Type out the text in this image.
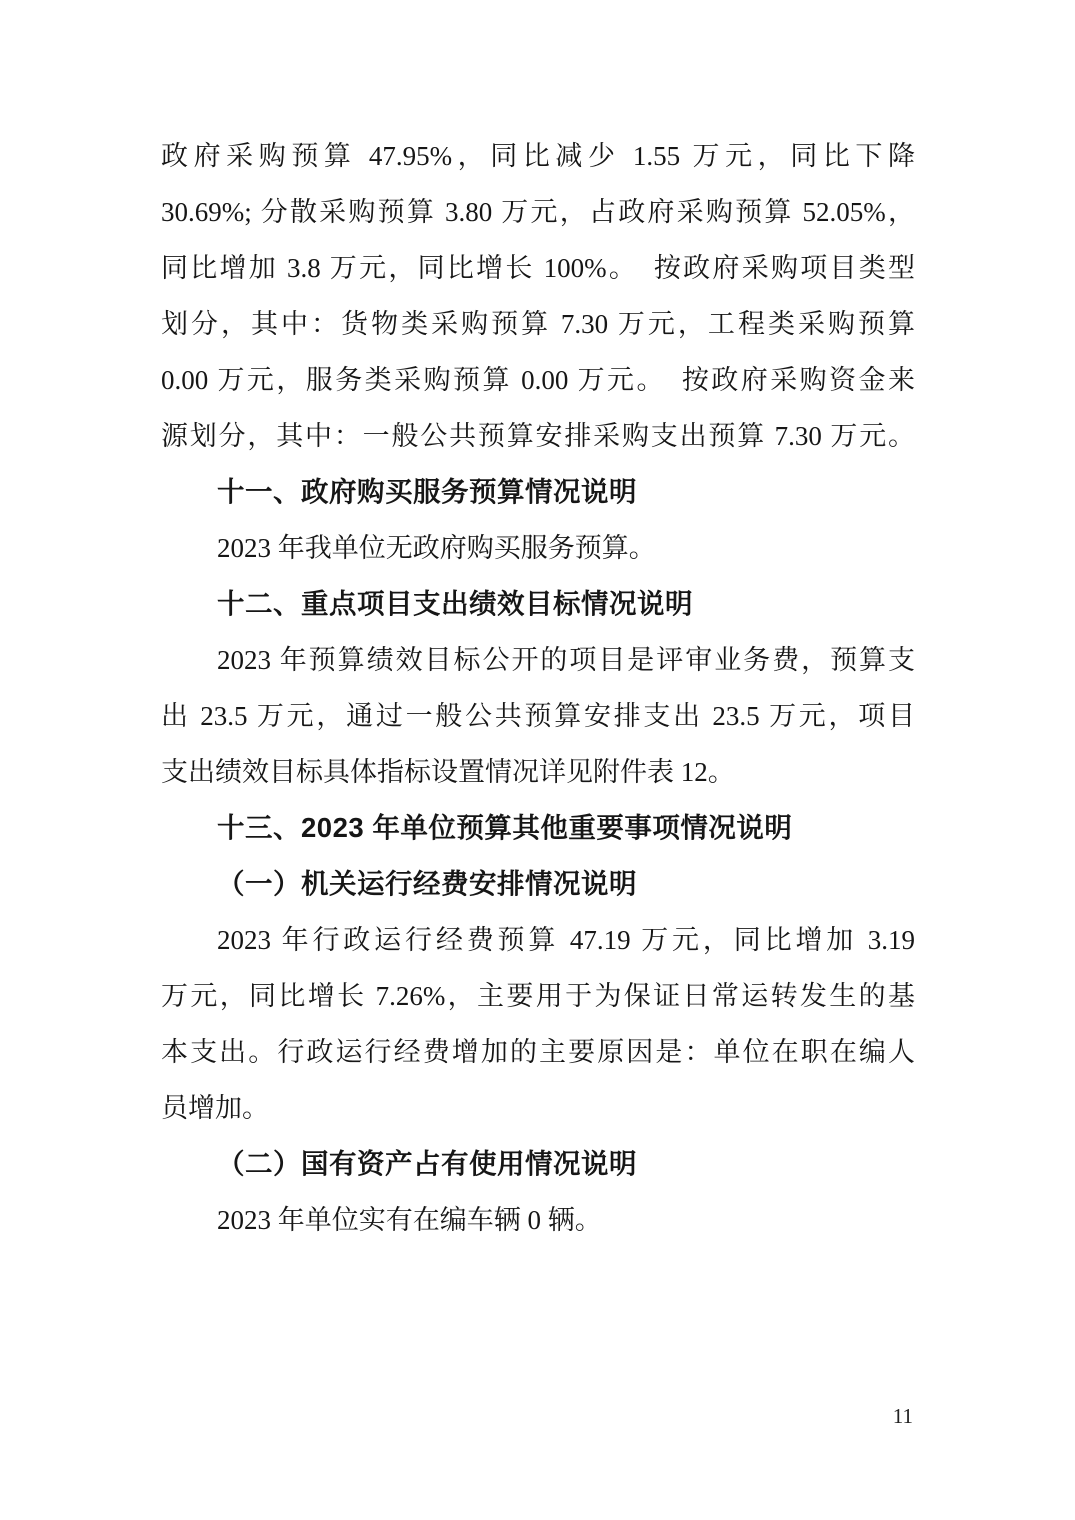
政府采购预算 47.95%，同比减少 1.55 万元，同比下降
30.69%; 分散采购预算 3.80 万元，占政府采购预算 52.05%，
同比增加 3.8 万元，同比增长 100%。　按政府采购项目类型
划分，其中：货物类采购预算 7.30 万元，工程类采购预算
0.00 万元，服务类采购预算 0.00 万元。　按政府采购资金来
源划分，其中：一般公共预算安排采购支出预算 7.30 万元。
十一、政府购买服务预算情况说明
2023 年我单位无政府购买服务预算。
十二、重点项目支出绩效目标情况说明
2023 年预算绩效目标公开的项目是评审业务费，预算支
出 23.5 万元，通过一般公共预算安排支出 23.5 万元，项目
支出绩效目标具体指标设置情况详见附件表 12。
十三、2023 年单位预算其他重要事项情况说明
（一）机关运行经费安排情况说明
2023 年行政运行经费预算 47.19 万元，同比增加 3.19
万元，同比增长 7.26%，主要用于为保证日常运转发生的基
本支出。行政运行经费增加的主要原因是：单位在职在编人
员增加。
（二）国有资产占有使用情况说明
2023 年单位实有在编车辆 0 辆。
11
